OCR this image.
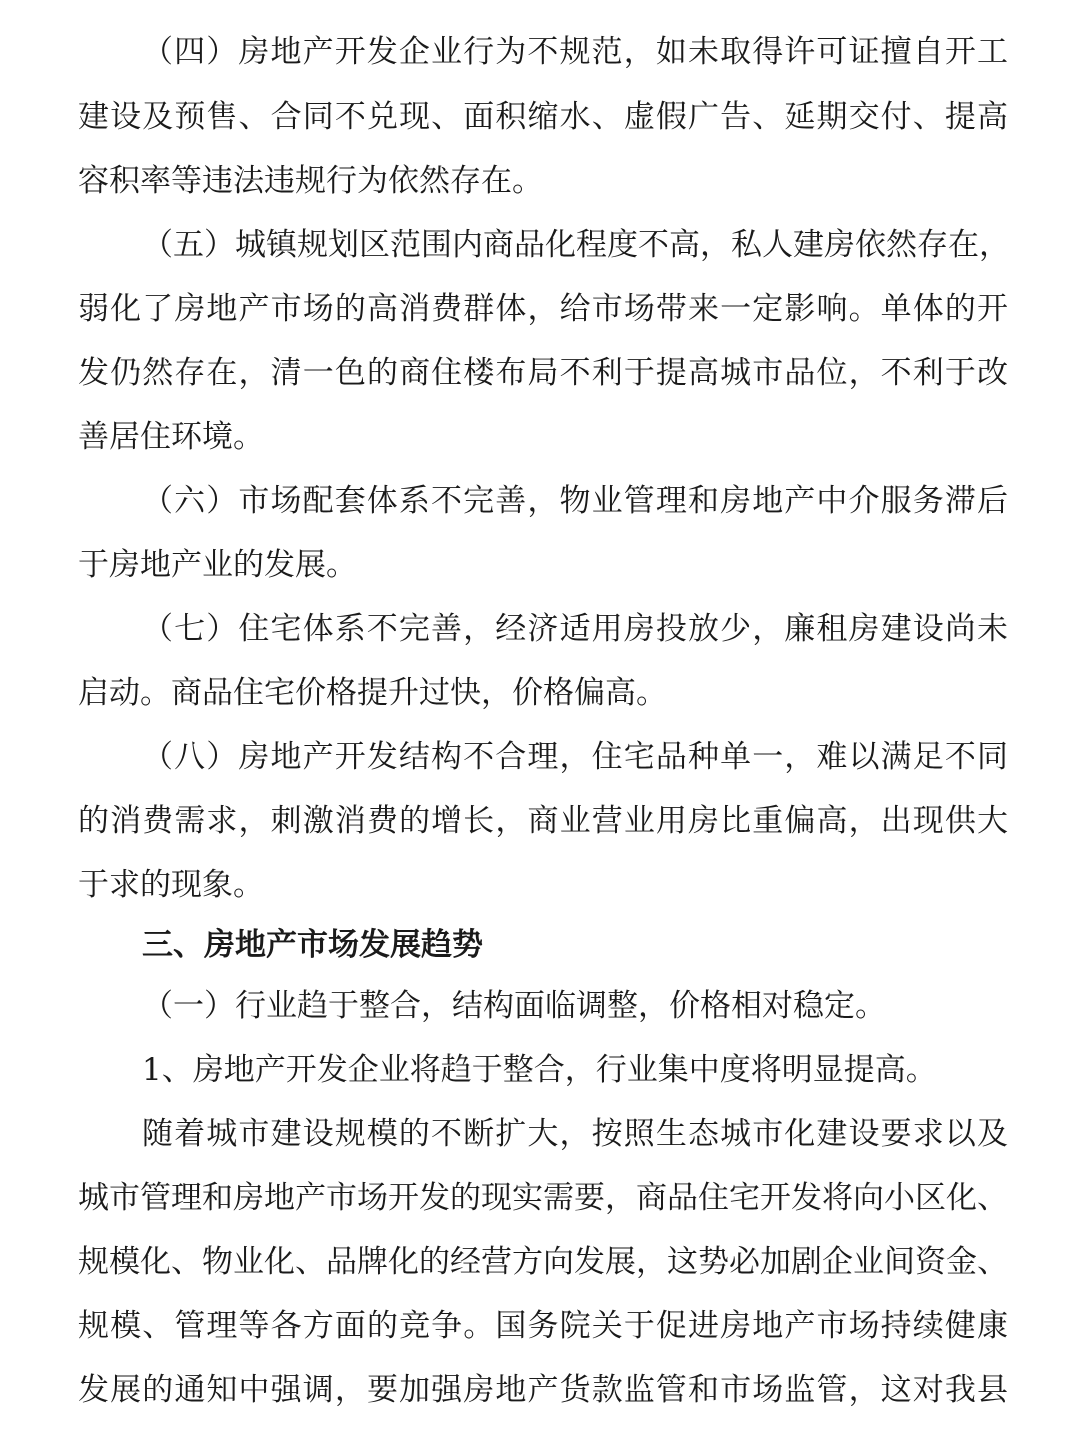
（四）房地产开发企业行为不规范，如未取得许可证擅自开工
建设及预售、合同不兑现、面积缩水、虚假广告、延期交付、提高
容积率等违法违规行为依然存在。
（五）城镇规划区范围内商品化程度不高，私人建房依然存在，
弱化了房地产市场的高消费群体，给市场带来一定影响。单体的开
发仍然存在，清一色的商住楼布局不利于提高城市品位，不利于改
善居住环境。
（六）市场配套体系不完善，物业管理和房地产中介服务滞后
于房地产业的发展。
（七）住宅体系不完善，经济适用房投放少，廉租房建设尚未
启动。商品住宅价格提升过快，价格偏高。
（八）房地产开发结构不合理，住宅品种单一，难以满足不同
的消费需求，刺激消费的增长，商业营业用房比重偏高，出现供大
于求的现象。
三、房地产市场发展趋势
（一）行业趋于整合，结构面临调整，价格相对稳定。
1、房地产开发企业将趋于整合，行业集中度将明显提高。
随着城市建设规模的不断扩大，按照生态城市化建设要求以及
城市管理和房地产市场开发的现实需要，商品住宅开发将向小区化、
规模化、物业化、品牌化的经营方向发展，这势必加剧企业间资金、
规模、管理等各方面的竞争。国务院关于促进房地产市场持续健康
发展的通知中强调，要加强房地产货款监管和市场监管，这对我县
